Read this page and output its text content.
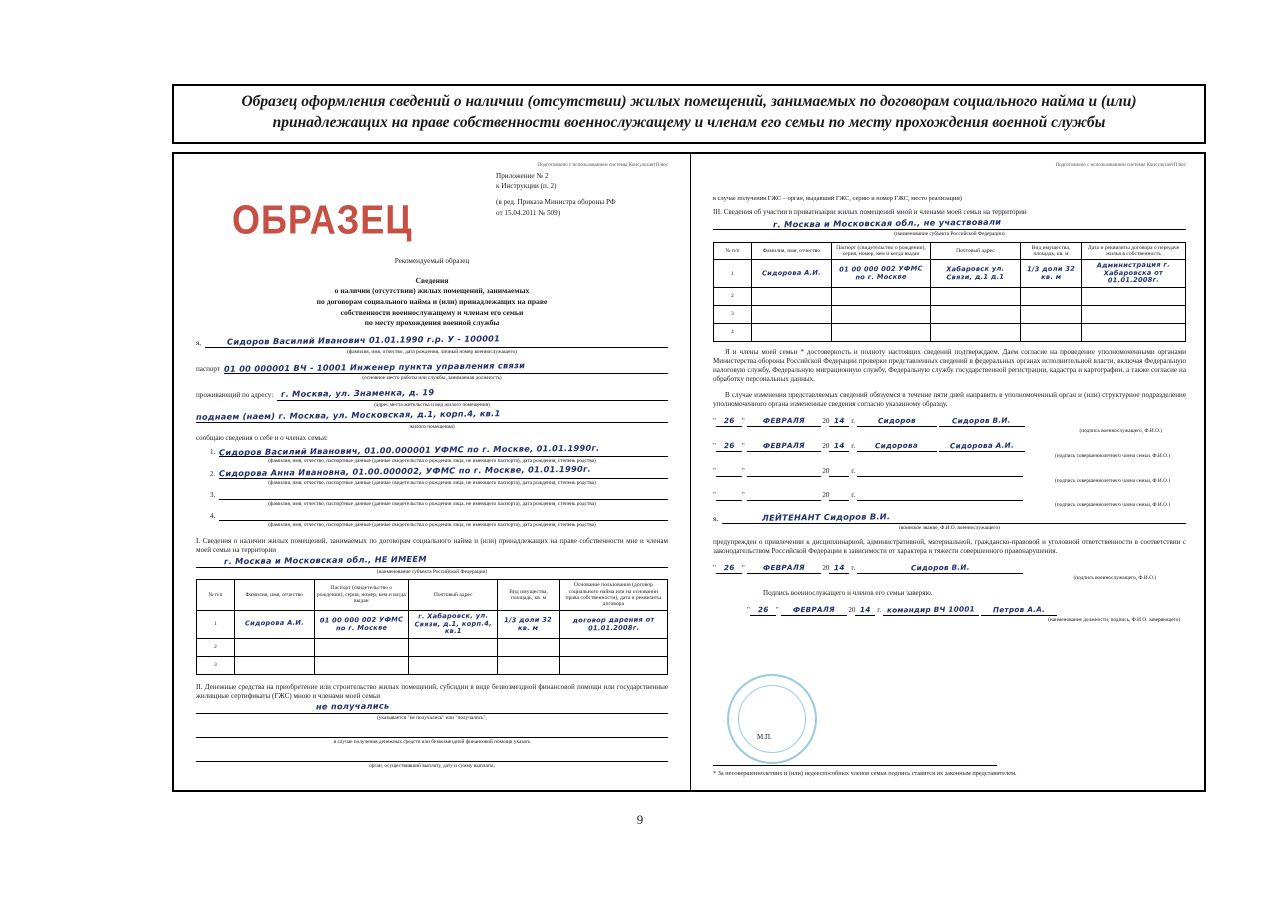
Образец оформления сведений о наличии (отсутствии) жилых помещений, занимаемых по договорам социального найма и (или) принадлежащих на праве собственности военнослужащему и членам его семьи по месту прохождения военной службы
Подготовлено с использованием системы КонсультантПлюс
ОБРАЗЕЦ
Приложение № 2
к Инструкции (п. 2)
(в ред. Приказа Министра обороны РФ
от 15.04.2011 № 509)
Рекомендуемый образец
Сведения
о наличии (отсутствии) жилых помещений, занимаемых
по договорам социального найма и (или) принадлежащих на праве
собственности военнослужащему и членам его семьи
по месту прохождения военной службы
я,	Сидоров Василий Иванович 01.01.1990 г.р. У - 100001
(фамилия, имя, отчество, дата рождения, личный номер военнослужащего)
паспорт 01 00 000001 ВЧ - 10001 Инженер пункта управления связи
(основное место работы или службы, занимаемая должность)
проживающий по адресу: г. Москва, ул. Знаменка, д. 19
(адрес места жительства и вид жилого помещения)
поднаем (наем) г. Москва, ул. Московская, д.1, корп.4, кв.1
жилого помещения)
сообщаю сведения о себе и о членах семьи:
1. Сидоров Василий Иванович, 01.00.000001 УФМС по г. Москве, 01.01.1990г.
(фамилия, имя, отчество, паспортные данные (данные свидетельства о рождении лица, не имеющего паспорта), дата рождения, степень родства)
2. Сидорова Анна Ивановна, 01.00.000002, УФМС по г. Москве, 01.01.1990г.
(фамилия, имя, отчество, паспортные данные (данные свидетельства о рождении лица, не имеющего паспорта), дата рождения, степень родства)
3.
(фамилия, имя, отчество, паспортные данные (данные свидетельства о рождении лица, не имеющего паспорта), дата рождения, степень родства)
4.
(фамилия, имя, отчество, паспортные данные (данные свидетельства о рождении лица, не имеющего паспорта), дата рождения, степень родства)
I. Сведения о наличии жилых помещений, занимаемых по договорам социального найма и (или) принадлежащих на праве собственности мне и членам моей семьи на территории
г. Москва и Московская обл., НЕ ИМЕЕМ
(наименование субъекта Российской Федерации)
№ п/п	Фамилия, имя, отчество	Паспорт (свидетельство о рождении), серия, номер, кем и когда выдан	Почтовый адрес	Вид имущества, площадь, кв. м	Основание пользования (договор социального найма или на основании права собственности), дата и реквизиты договора
1	Сидорова А.И.	01 00 000 002 УФМС по г. Москве	г. Хабаровск, ул. Связи, д.1, корп.4, кв.1	1/3 доли 32 кв. м	договор дарения от 01.01.2008г.
2					
3					
II. Денежные средства на приобретение или строительство жилых помещений, субсидии в виде безвозмездной финансовой помощи или государственные жилищные сертификаты (ГЖС) мною и членами моей семьи
не получались
(указывается "не получались" или "получались",
в случае получения денежных средств или безвозмездной финансовой помощи указать
орган, осуществивший выплату, дату и сумму выплаты;
Подготовлено с использованием системы КонсультантПлюс
в случае получения ГЖС – орган, выдавший ГЖС, серию и номер ГЖС, место реализации)
III. Сведения об участии в приватизации жилых помещений мной и членами моей семьи на территории
г. Москва и Московская обл., не участвовали
(наименование субъекта Российской Федерации)
№ п/п	Фамилия, имя, отчество	Паспорт (свидетельство о рождении), серия, номер, кем и когда выдан	Почтовый адрес	Вид имущества, площадь, кв. м	Дата и реквизиты договора о передаче жилья в собственность
1	Сидорова А.И.	01 00 000 002 УФМС по г. Москве	Хабаровск ул. Связи, д.1 д.1	1/3 доли 32 кв. м	Администрация г. Хабаровска от 01.01.2008г.
2					
3					
4					
Я и члены моей семьи * достоверность и полноту настоящих сведений подтверждаем. Даем согласие на проведение уполномоченными органами Министерства обороны Российской Федерации проверки представленных сведений в федеральных органах исполнительной власти, включая Федеральную налоговую службу, Федеральную миграционную службу, Федеральную службу государственной регистрации, кадастра и картографии, а также согласие на обработку персональных данных.
В случае изменения представляемых сведений обязуемся в течение пяти дней направить в уполномоченный орган и (или) структурное подразделение уполномоченного органа измененные сведения согласно указанному образцу.
" 26 " ФЕВРАЛЯ	20 14 г.	Сидоров	Сидоров В.И.
(подпись военнослужащего, Ф.И.О.)
" 26 " ФЕВРАЛЯ	20 14 г.	Сидорова	Сидорова А.И.
(подпись совершеннолетнего члена семьи, Ф.И.О.)
"	"	20	г.
(подпись совершеннолетнего члена семьи, Ф.И.О.)
"	"	20	г.
(подпись совершеннолетнего члена семьи, Ф.И.О.)
я,	ЛЕЙТЕНАНТ Сидоров В.И.
(воинское звание, Ф.И.О. военнослужащего)
предупрежден о привлечении к дисциплинарной, административной, материальной, гражданско-правовой и уголовной ответственности в соответствии с законодательством Российской Федерации в зависимости от характера и тяжести совершенного правонарушения.
" 26 " ФЕВРАЛЯ	20 14 г.	Сидоров В.И.
(подпись военнослужащего, Ф.И.О.)
Подпись военнослужащего и членов его семьи заверяю.
" 26 " ФЕВРАЛЯ 20 14 г. командир ВЧ 10001 Петров А.А.
(наименование должности, подпись, Ф.И.О. заверяющего)
М.П.
* За несовершеннолетних и (или) недееспособных членов семьи подпись ставится их законным представителем.
9
